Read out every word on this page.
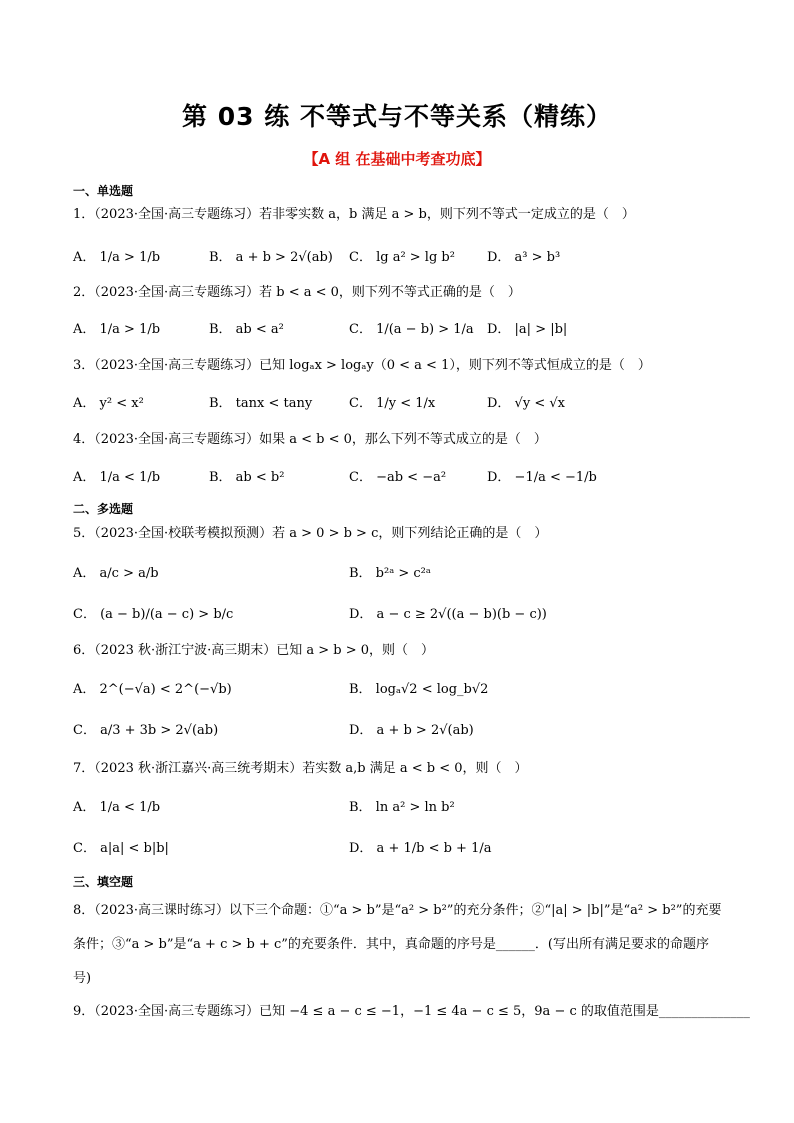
第 03 练 不等式与不等关系（精练）
【A 组 在基础中考查功底】
一、单选题
1．（2023·全国·高三专题练习）若非零实数 a，b 满足 a > b，则下列不等式一定成立的是（　）
A． 1/a > 1/b	B． a + b > 2√(ab) C． lg a² > lg b² D． a³ > b³
2．（2023·全国·高三专题练习）若 b < a < 0，则下列不等式正确的是（　）
A． 1/a > 1/b	B． ab < a²	C． 1/(a − b) > 1/a D． |a| > |b|
3．（2023·全国·高三专题练习）已知 logₐx > logₐy（0 < a < 1），则下列不等式恒成立的是（　）
A． y² < x²	B． tanx < tany	C． 1/y < 1/x	D． √y < √x
4．（2023·全国·高三专题练习）如果 a < b < 0，那么下列不等式成立的是（　）
A． 1/a < 1/b	B． ab < b²	C． −ab < −a²	D． −1/a < −1/b
二、多选题
5．（2023·全国·校联考模拟预测）若 a > 0 > b > c，则下列结论正确的是（　）
A． a/c > a/b	B． b²ᵃ > c²ᵃ
C． (a − b)/(a − c) > b/c	D． a − c ≥ 2√((a − b)(b − c))
6．（2023 秋·浙江宁波·高三期末）已知 a > b > 0，则（　）
A． 2^(−√a) < 2^(−√b)	B． logₐ√2 < log_b√2
C． a/3 + 3b > 2√(ab)	D． a + b > 2√(ab)
7．（2023 秋·浙江嘉兴·高三统考期末）若实数 a,b 满足 a < b < 0，则（　）
A． 1/a < 1/b	B． ln a² > ln b²
C． a|a| < b|b|	D． a + 1/b < b + 1/a
三、填空题
8．（2023·高三课时练习）以下三个命题：①“a > b”是“a² > b²”的充分条件；②“|a| > |b|”是“a² > b²”的充要条件；③“a > b”是“a + c > b + c”的充要条件．其中，真命题的序号是______．(写出所有满足要求的命题序号)
9．（2023·全国·高三专题练习）已知 −4 ≤ a − c ≤ −1，−1 ≤ 4a − c ≤ 5，9a − c 的取值范围是______________
